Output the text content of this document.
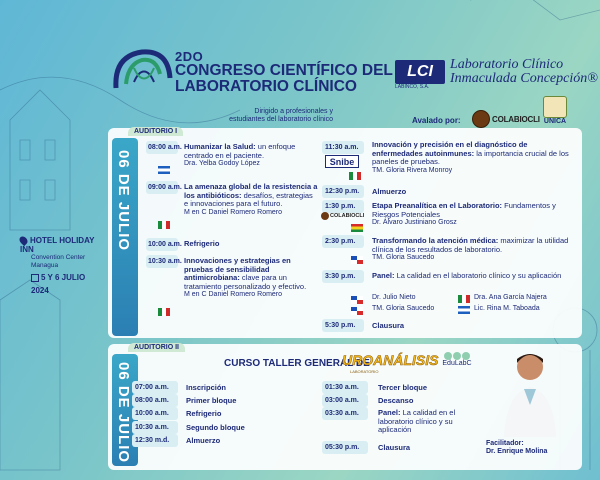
2DO
CONGRESO CIENTÍFICO DEL
LABORATORIO CLÍNICO
Dirigido a profesionales y estudiantes del laboratorio clínico
LCI
LABINCO, S.A.
Laboratorio Clínico
Inmaculada Concepción®
Avalado por:	COLABIOCLI UNICA
HOTEL HOLIDAY INN
Convention Center
Managua
5 Y 6 JULIO
2024
AUDITORIO I
06 DE JULIO
08:00 a.m. Humanizar la Salud: un enfoque centrado en el paciente.
Dra. Yelba Godoy López
09:00 a.m. La amenaza global de la resistencia a los antibióticos: desafíos, estrategias e innovaciones para el futuro.
M en C Daniel Romero Romero
10:00 a.m. Refrigerio
10:30 a.m. Innovaciones y estrategias en pruebas de sensibilidad antimicrobiana: clave para un tratamiento personalizado y efectivo.
M en C Daniel Romero Romero
11:30 a.m. Innovación y precisión en el diagnóstico de enfermedades autoinmunes: la importancia crucial de los paneles de pruebas.
TM. Gloria Rivera Monroy
Snibe
12:30 p.m. Almuerzo
1:30 p.m. Etapa Preanalítica en el Laboratorio: Fundamentos y Riesgos Potenciales
Dr. Álvaro Justiniano Grosz
COLABIOCLI
2:30 p.m. Transformando la atención médica: maximizar la utilidad clínica de los resultados de laboratorio.
TM. Gloria Saucedo
3:30 p.m. Panel: La calidad en el laboratorio clínico y su aplicación
Dr. Julio Nieto
TM. Gloria Saucedo
Dra. Ana García Najera
Lic. Rina M. Taboada
5:30 p.m. Clausura
AUDITORIO II
06 DE JULIO	CURSO TALLER GENERAL DE
UROANÁLISIS
LABORATORIO
EduLabC
07:00 a.m. Inscripción
08:00 a.m. Primer bloque
10:00 a.m. Refrigerio
10:30 a.m. Segundo bloque
12:30 m.d. Almuerzo
01:30 a.m.	Tercer bloque
03:00 a.m.	Descanso
03:30 a.m.	Panel: La calidad en el laboratorio clínico y su aplicación
05:30 p.m.	Clausura	Facilitador:
Dr. Enrique Molina
